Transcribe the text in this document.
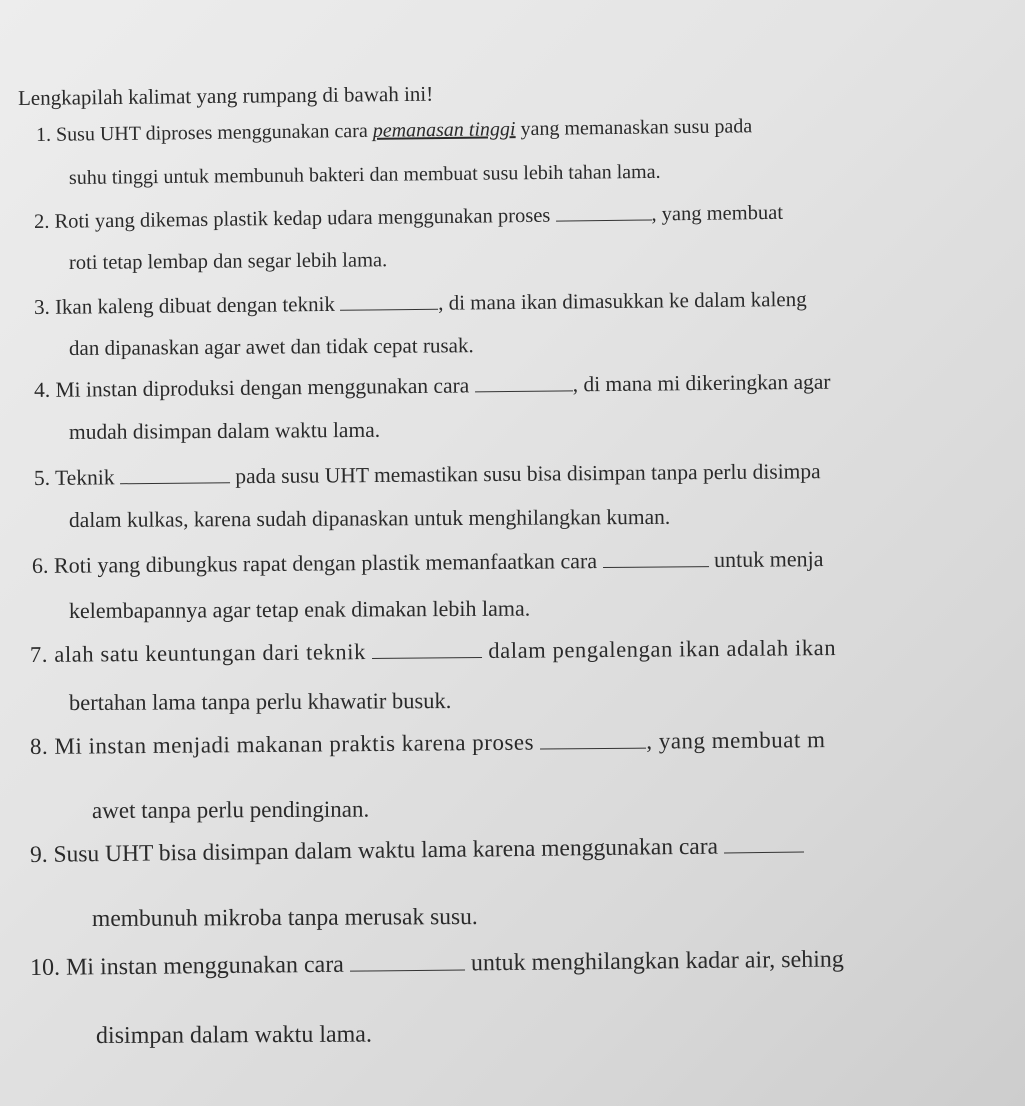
Lengkapilah kalimat yang rumpang di bawah ini!

1. Susu UHT diproses menggunakan cara pemanasan tinggi yang memanaskan susu pada

suhu tinggi untuk membunuh bakteri dan membuat susu lebih tahan lama.

2. Roti yang dikemas plastik kedap udara menggunakan proses	, yang membuat

roti tetap lembap dan segar lebih lama.

3. Ikan kaleng dibuat dengan teknik	, di mana ikan dimasukkan ke dalam kaleng

dan dipanaskan agar awet dan tidak cepat rusak.

4. Mi instan diproduksi dengan menggunakan cara	, di mana mi dikeringkan agar

mudah disimpan dalam waktu lama.

5. Teknik	pada susu UHT memastikan susu bisa disimpan tanpa perlu disimpa

dalam kulkas, karena sudah dipanaskan untuk menghilangkan kuman.

6. Roti yang dibungkus rapat dengan plastik memanfaatkan cara	untuk menja

kelembapannya agar tetap enak dimakan lebih lama.

7. alah satu keuntungan dari teknik	dalam pengalengan ikan adalah ikan

bertahan lama tanpa perlu khawatir busuk.

8. Mi instan menjadi makanan praktis karena proses	, yang membuat m

awet tanpa perlu pendinginan.

9. Susu UHT bisa disimpan dalam waktu lama karena menggunakan cara

membunuh mikroba tanpa merusak susu.

10. Mi instan menggunakan cara	untuk menghilangkan kadar air, sehing

disimpan dalam waktu lama.
